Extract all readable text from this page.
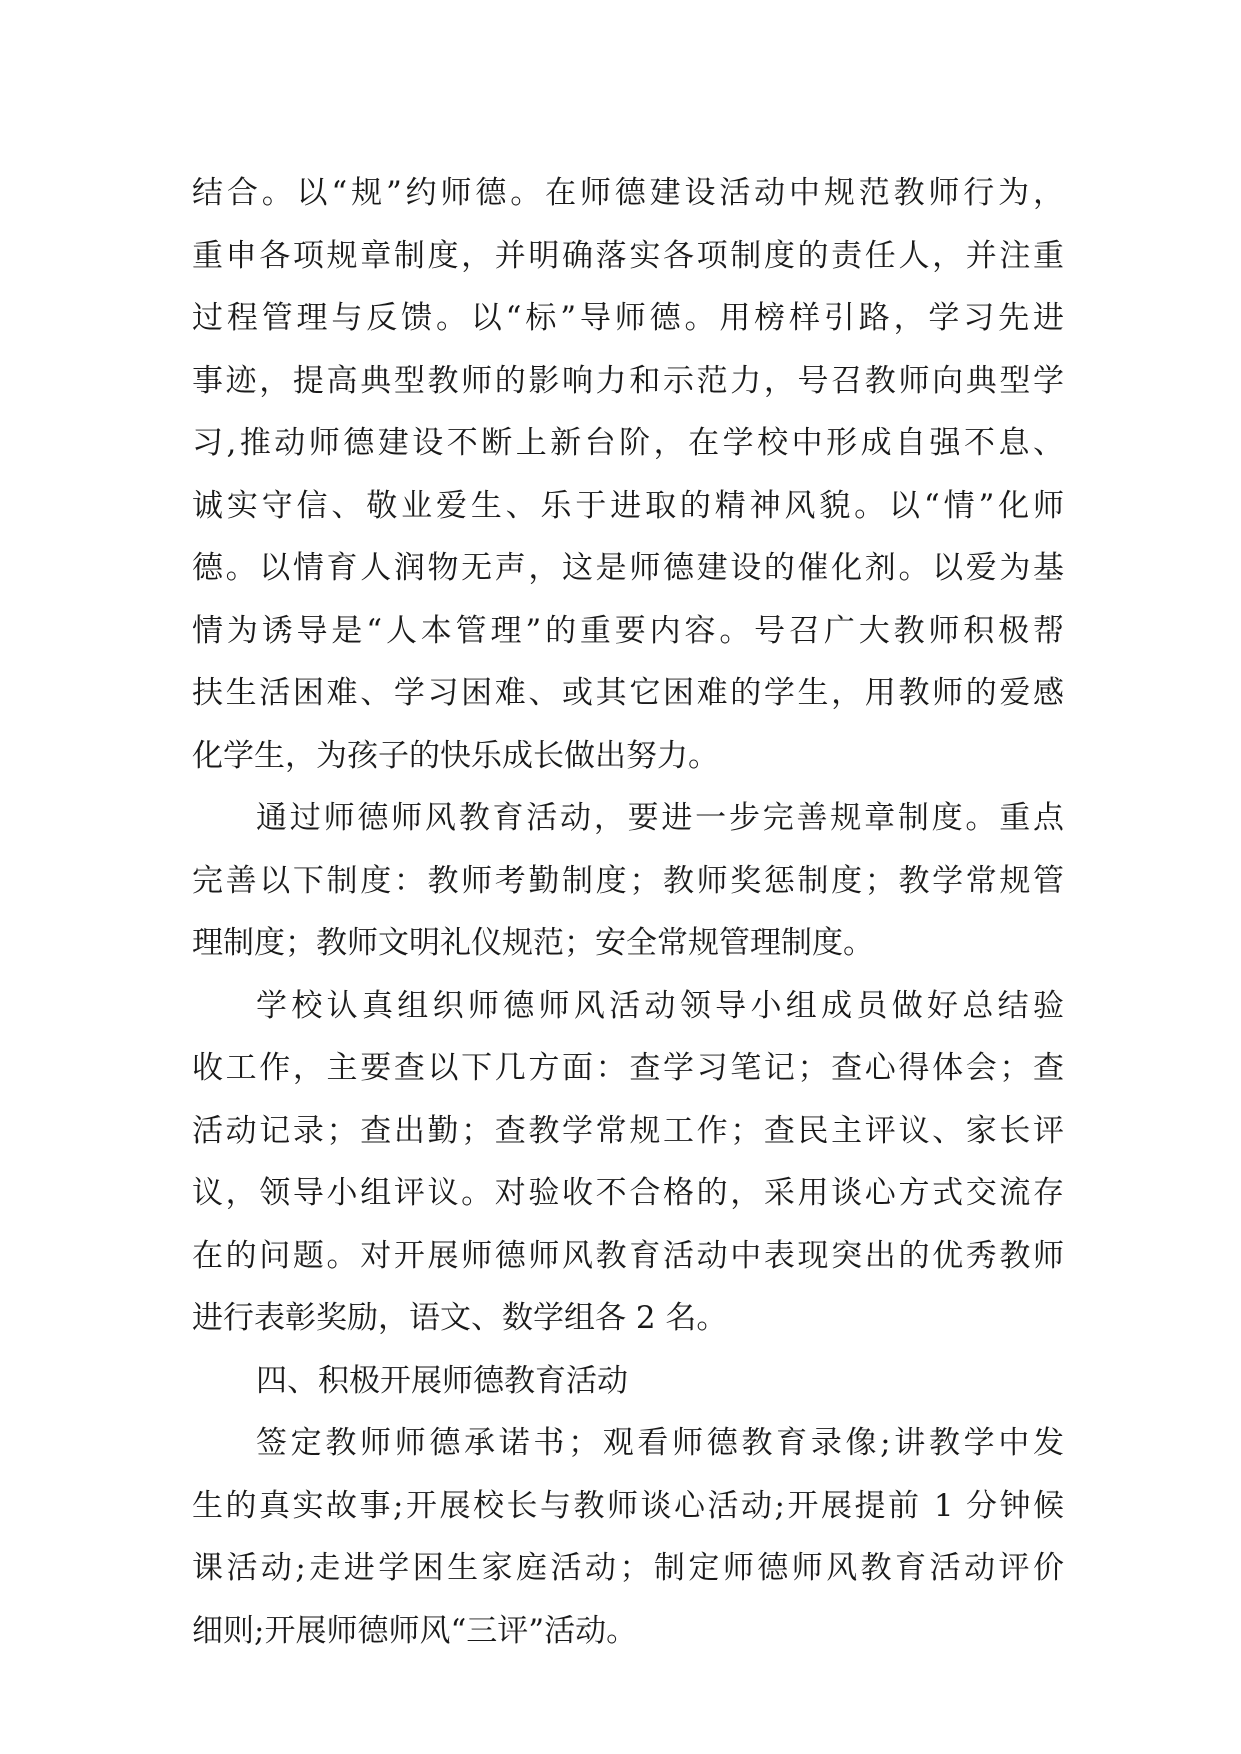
结合。以“规”约师德。在师德建设活动中规范教师行为，
重申各项规章制度，并明确落实各项制度的责任人，并注重
过程管理与反馈。以“标”导师德。用榜样引路，学习先进
事迹，提高典型教师的影响力和示范力，号召教师向典型学
习,推动师德建设不断上新台阶，在学校中形成自强不息、
诚实守信、敬业爱生、乐于进取的精神风貌。以“情”化师
德。以情育人润物无声，这是师德建设的催化剂。以爱为基
情为诱导是“人本管理”的重要内容。号召广大教师积极帮
扶生活困难、学习困难、或其它困难的学生，用教师的爱感
化学生，为孩子的快乐成长做出努力。
通过师德师风教育活动，要进一步完善规章制度。重点
完善以下制度：教师考勤制度；教师奖惩制度；教学常规管
理制度；教师文明礼仪规范；安全常规管理制度。
学校认真组织师德师风活动领导小组成员做好总结验
收工作，主要查以下几方面：查学习笔记；查心得体会；查
活动记录；查出勤；查教学常规工作；查民主评议、家长评
议，领导小组评议。对验收不合格的，采用谈心方式交流存
在的问题。对开展师德师风教育活动中表现突出的优秀教师
进行表彰奖励，语文、数学组各 2 名。
四、积极开展师德教育活动
签定教师师德承诺书；观看师德教育录像;讲教学中发
生的真实故事;开展校长与教师谈心活动;开展提前 1 分钟候
课活动;走进学困生家庭活动；制定师德师风教育活动评价
细则;开展师德师风“三评”活动。
